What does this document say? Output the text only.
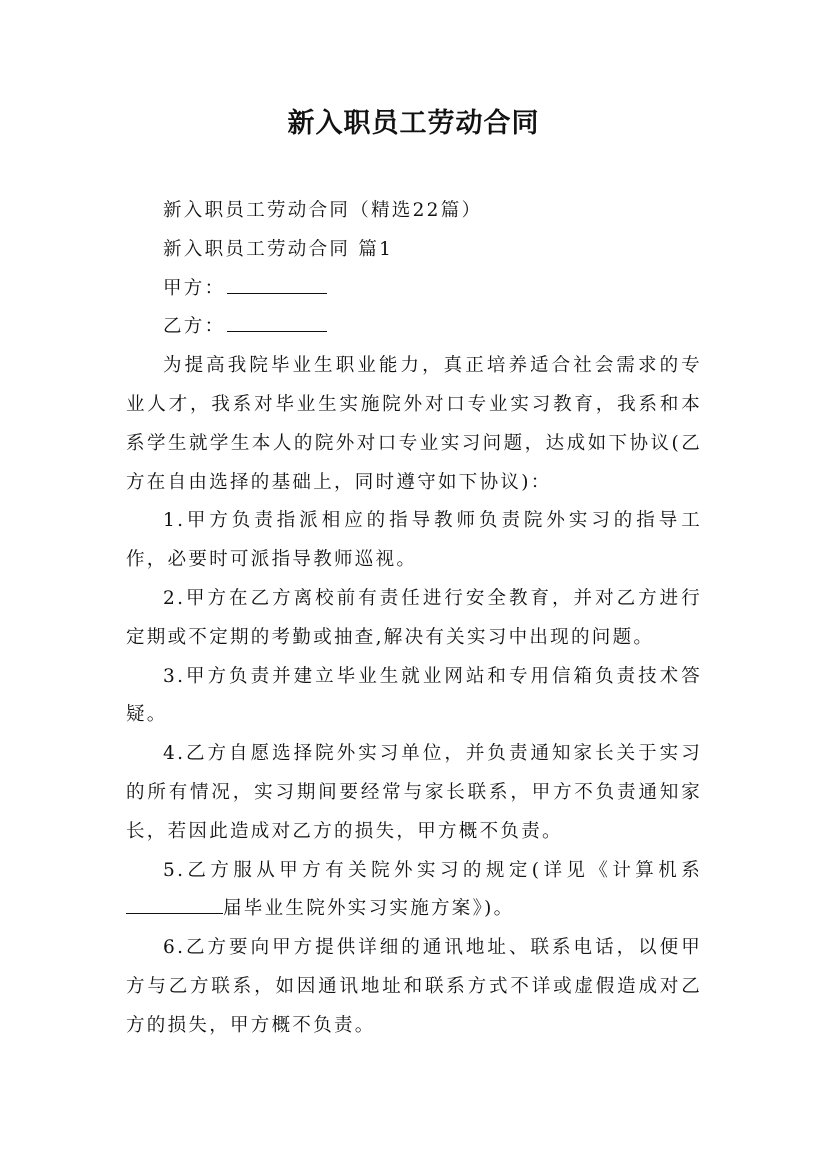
新入职员工劳动合同

新入职员工劳动合同（精选22篇）

新入职员工劳动合同 篇1

甲方：

乙方：

为提高我院毕业生职业能力，真正培养适合社会需求的专业人才，我系对毕业生实施院外对口专业实习教育，我系和本系学生就学生本人的院外对口专业实习问题，达成如下协议(乙方在自由选择的基础上，同时遵守如下协议)：

1.甲方负责指派相应的指导教师负责院外实习的指导工作，必要时可派指导教师巡视。

2.甲方在乙方离校前有责任进行安全教育，并对乙方进行定期或不定期的考勤或抽查,解决有关实习中出现的问题。

3.甲方负责并建立毕业生就业网站和专用信箱负责技术答疑。

4.乙方自愿选择院外实习单位，并负责通知家长关于实习的所有情况，实习期间要经常与家长联系，甲方不负责通知家长，若因此造成对乙方的损失，甲方概不负责。

5.乙方服从甲方有关院外实习的规定(详见《计算机系届毕业生院外实习实施方案》)。

6.乙方要向甲方提供详细的通讯地址、联系电话，以便甲方与乙方联系，如因通讯地址和联系方式不详或虚假造成对乙方的损失，甲方概不负责。
